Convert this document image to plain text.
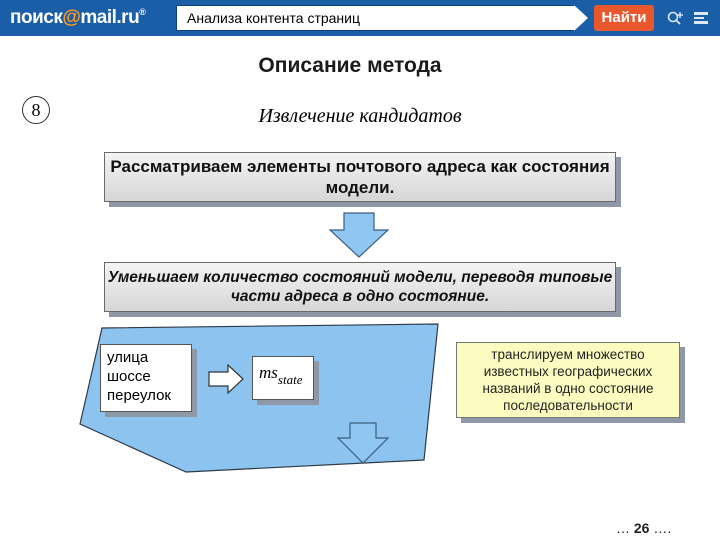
поиск@mail.ru®	Анализа контента страниц	Найти
Описание метода
8	Извлечение кандидатов
Рассматриваем элементы почтового адреса как состояния модели.
Уменьшаем количество состояний модели, переводя типовые части адреса в одно состояние.
улица
шоссе
переулок
$ms_{state}$
транслируем множество известных географических названий в одно состояние последовательности
… 26 ….
